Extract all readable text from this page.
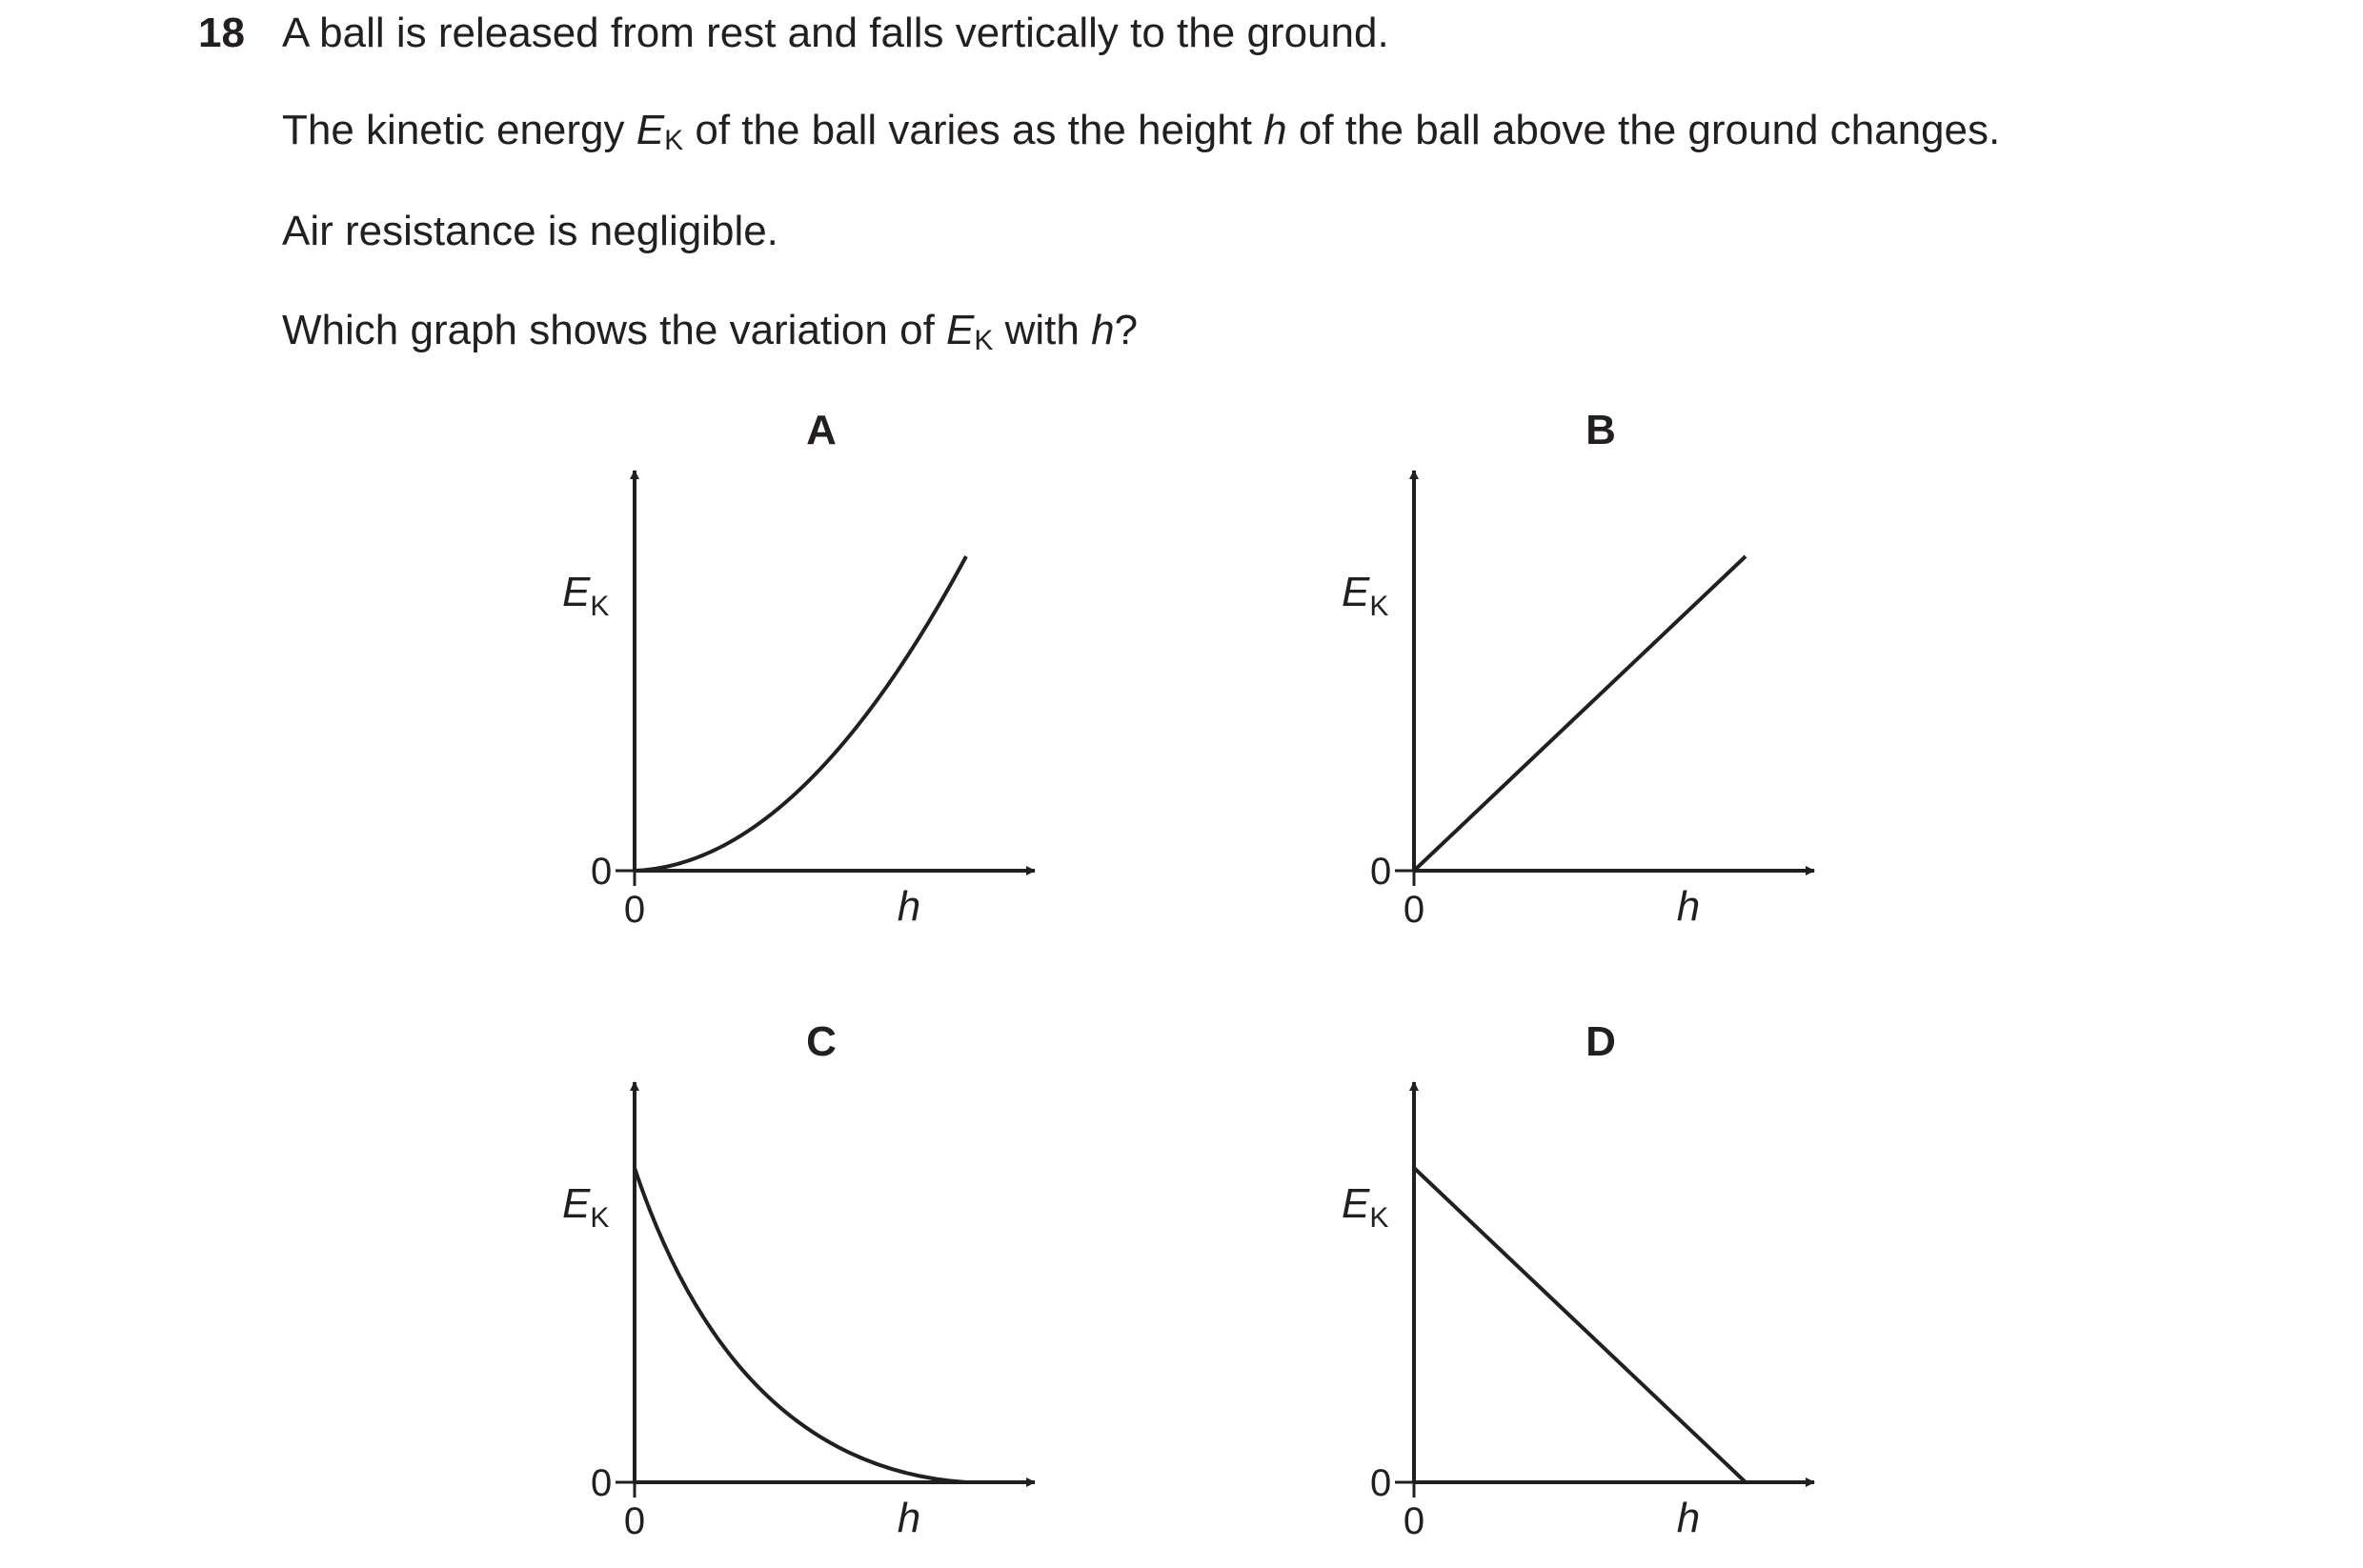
18 A ball is released from rest and falls vertically to the ground.
The kinetic energy $E_K$ of the ball varies as the height h of the ball above the ground changes.
Air resistance is negligible.
Which graph shows the variation of $E_K$ with h?
A
0
0	h
$E_K$
B
0
0	h
$E_K$
C
0
0	h
$E_K$
D
0
0	h
$E_K$
